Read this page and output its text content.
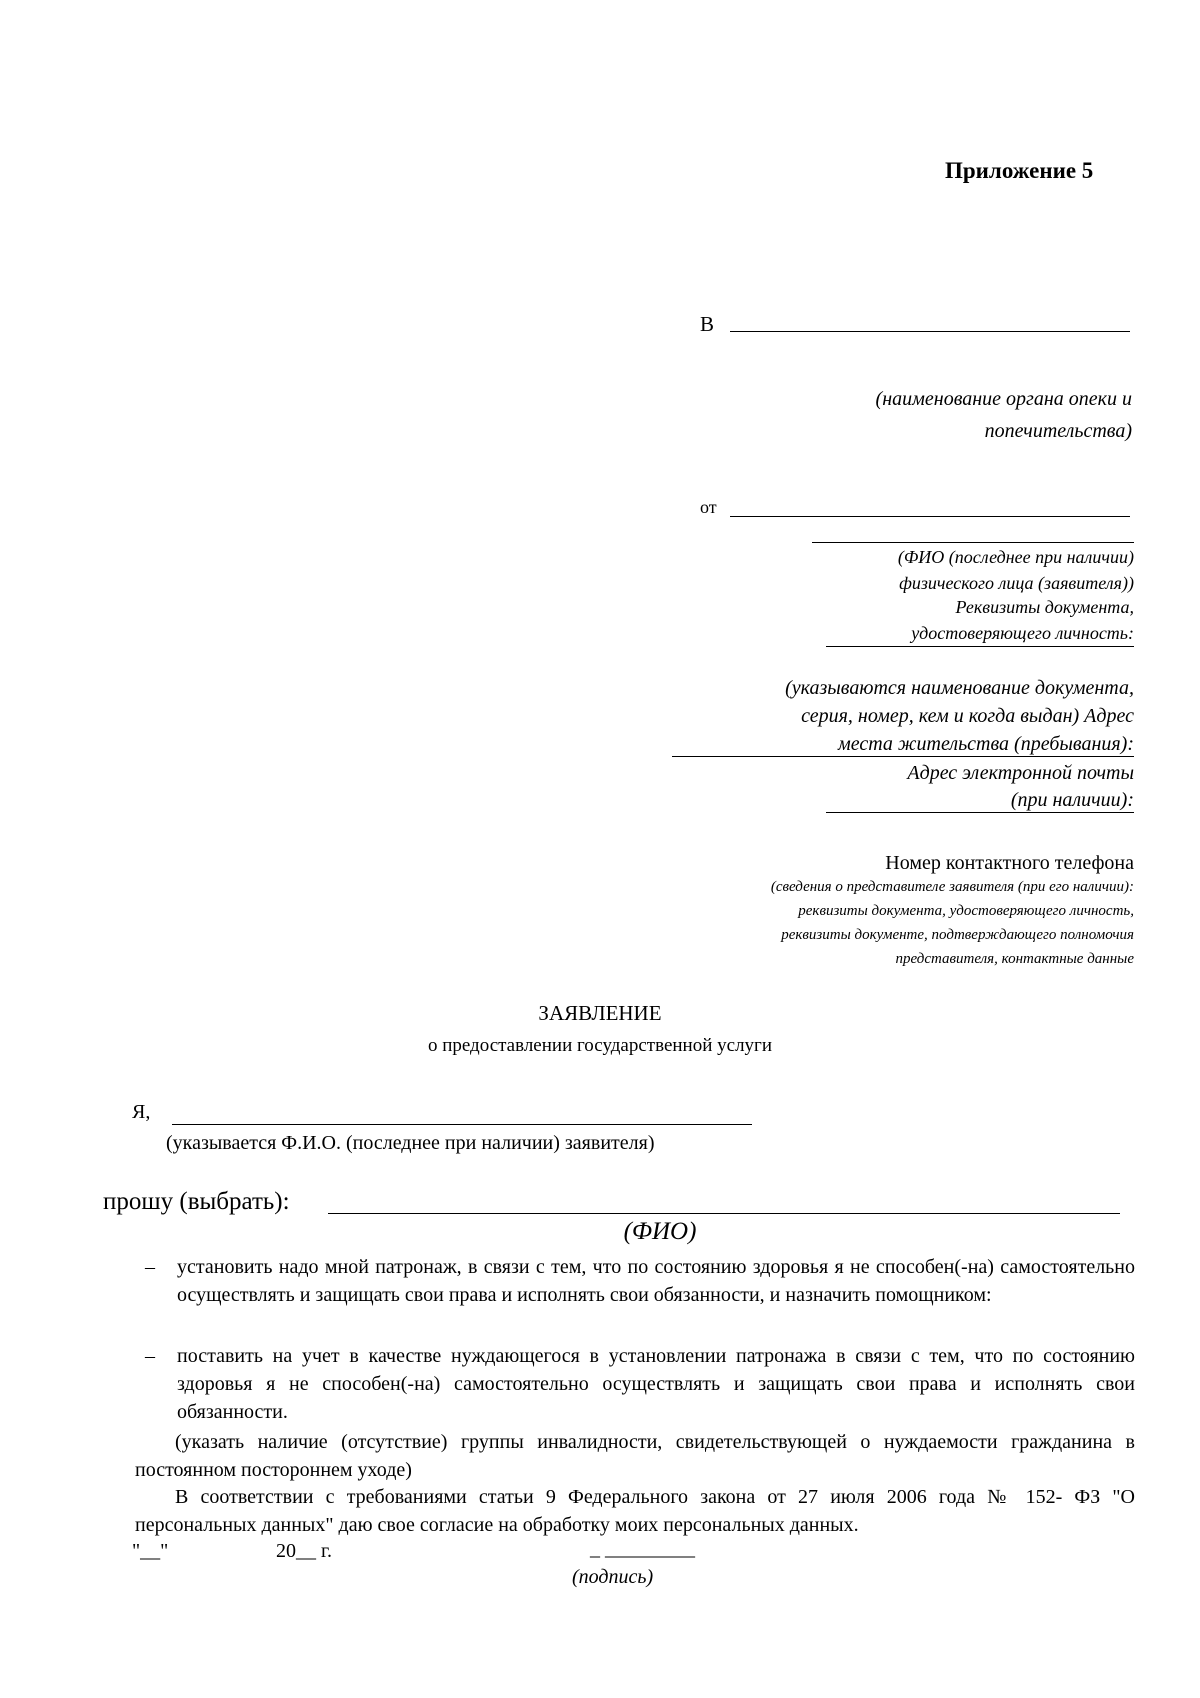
Приложение 5
В
(наименование органа опеки и
попечительства)
от
(ФИО (последнее при наличии)
физического лица (заявителя))
Реквизиты документа,
удостоверяющего личность:
(указываются наименование документа,
серия, номер, кем и когда выдан) Адрес
места жительства (пребывания):
Адрес электронной почты
(при наличии):
Номер контактного телефона
(сведения о представителе заявителя (при его наличии):
реквизиты документа, удостоверяющего личность,
реквизиты документе, подтверждающего полномочия
представителя, контактные данные
ЗАЯВЛЕНИЕ
о предоставлении государственной услуги
Я,
(указывается Ф.И.О. (последнее при наличии) заявителя)
прошу (выбрать):
(ФИО)
– установить надо мной патронаж, в связи с тем, что по состоянию здоровья я не способен(-на) самостоятельно осуществлять и защищать свои права и исполнять свои обязанности, и назначить помощником:
– поставить на учет в качестве нуждающегося в установлении патронажа в связи с тем, что по состоянию здоровья я не способен(-на) самостоятельно осуществлять и защищать свои права и исполнять свои обязанности.
(указать наличие (отсутствие) группы инвалидности, свидетельствующей о нуждаемости гражданина в постоянном постороннем уходе)
В соответствии с требованиями статьи 9 Федерального закона от 27 июля 2006 года № 152- ФЗ "О персональных данных" даю свое согласие на обработку моих персональных данных.
"__"	20__ г.	_ _________
(подпись)
